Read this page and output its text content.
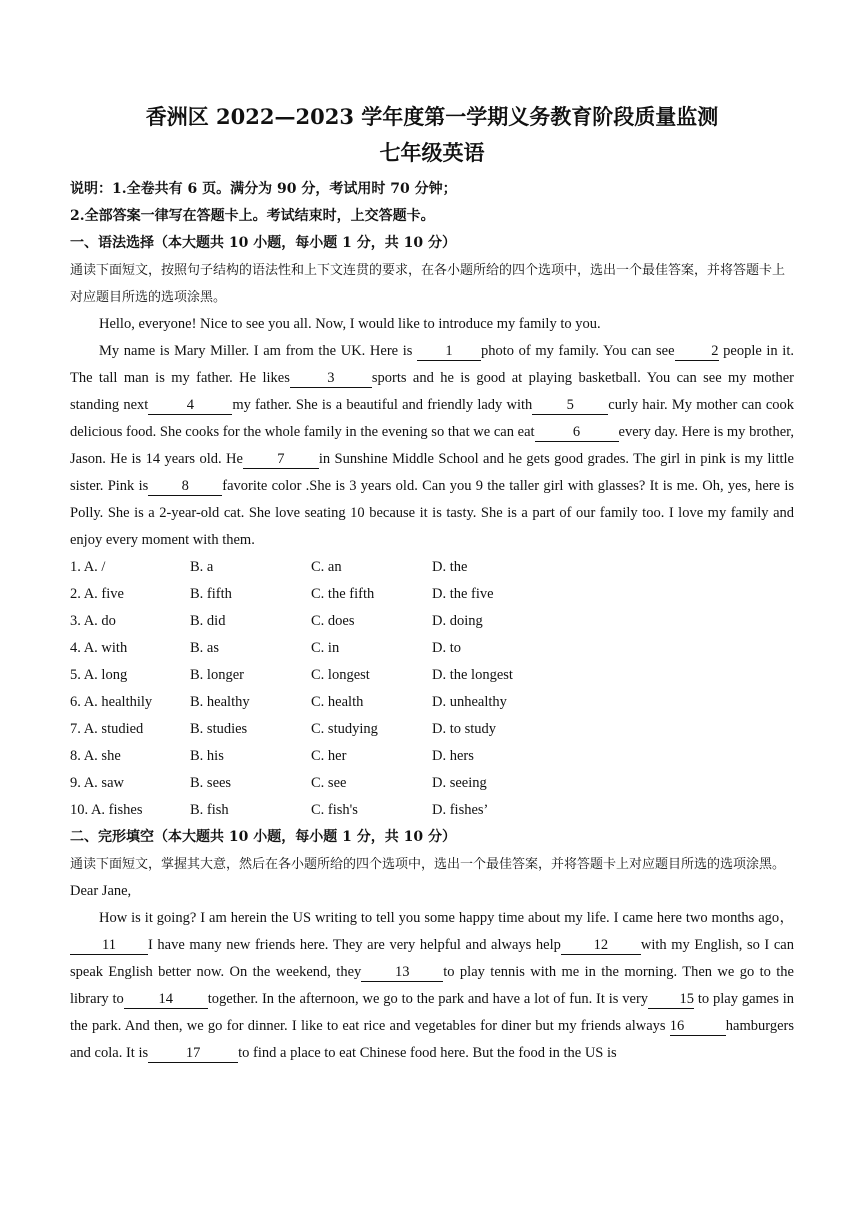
香洲区 2022—2023 学年度第一学期义务教育阶段质量监测
七年级英语
说明：1.全卷共有 6 页。满分为 90 分，考试用时 70 分钟；
2.全部答案一律写在答题卡上。考试结束时，上交答题卡。
一、语法选择（本大题共 10 小题，每小题 1 分，共 10 分）
通读下面短文，按照句子结构的语法性和上下文连贯的要求，在各小题所给的四个选项中，选出一个最佳答案，并将答题卡上对应题目所选的选项涂黑。

Hello, everyone! Nice to see you all. Now, I would like to introduce my family to you.

My name is Mary Miller. I am from the UK. Here is 1 photo of my family. You can see	2 people in it. The tall man is my father. He likes	3	sports and he is good at playing basketball. You can see my mother standing next	4	my father. She is a beautiful and friendly lady with 5 curly hair. My mother can cook delicious food. She cooks for the whole family in the evening so that we can eat	6	every day. Here is my brother, Jason. He is 14 years old. He 7 in Sunshine Middle School and he gets good grades. The girl in pink is my little sister. Pink is 8 favorite color .She is 3 years old. Can you 9 the taller girl with glasses? It is me. Oh, yes, here is Polly. She is a 2-year-old cat. She love seating 10 because it is tasty. She is a part of our family too. I love my family and enjoy every moment with them.

1. A. /	B. a	C. an	D. the
2. A. five	B. fifth	C. the fifth	D. the five
3. A. do	B. did	C. does	D. doing
4. A. with	B. as	C. in	D. to
5. A. long	B. longer	C. longest	D. the longest
6. A. healthily	B. healthy	C. health	D. unhealthy
7. A. studied	B. studies	C. studying	D. to study
8. A. she	B. his	C. her	D. hers
9. A. saw	B. sees	C. see	D. seeing
10. A. fishes	B. fish	C. fish's	D. fishes’
二、完形填空（本大题共 10 小题，每小题 1 分，共 10 分）
通读下面短文，掌握其大意，然后在各小题所给的四个选项中，选出一个最佳答案，并将答题卡上对应题目所选的选项涂黑。

Dear Jane,

How is it going? I am herein the US writing to tell you some happy time about my life. I came here two months ago，11 I have many new friends here. They are very helpful and always help 12 with my English, so I can speak English better now. On the weekend, they 13 to play tennis with me in the morning. Then we go to the library to 14 together. In the afternoon, we go to the park and have a lot of fun. It is very 15 to play games in the park. And then, we go for dinner. I like to eat rice and vegetables for diner but my friends always 16	hamburgers and cola. It is	17	to find a place to eat Chinese food here. But the food in the US is
